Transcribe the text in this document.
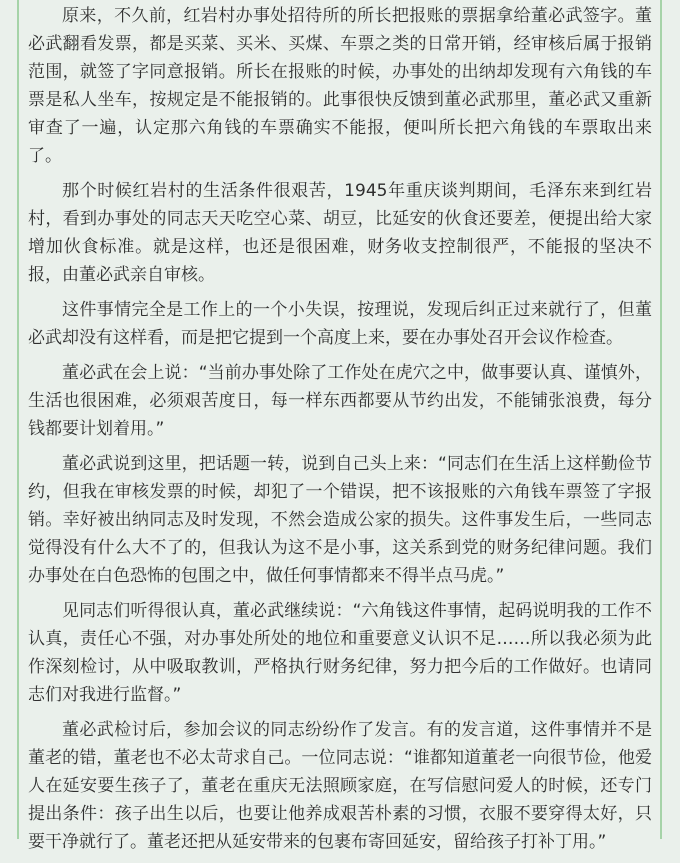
原来，不久前，红岩村办事处招待所的所长把报账的票据拿给董必武签字。董必武翻看发票，都是买菜、买米、买煤、车票之类的日常开销，经审核后属于报销范围，就签了字同意报销。所长在报账的时候，办事处的出纳却发现有六角钱的车票是私人坐车，按规定是不能报销的。此事很快反馈到董必武那里，董必武又重新审查了一遍，认定那六角钱的车票确实不能报，便叫所长把六角钱的车票取出来了。

那个时候红岩村的生活条件很艰苦，1945年重庆谈判期间，毛泽东来到红岩村，看到办事处的同志天天吃空心菜、胡豆，比延安的伙食还要差，便提出给大家增加伙食标准。就是这样，也还是很困难，财务收支控制很严，不能报的坚决不报，由董必武亲自审核。

这件事情完全是工作上的一个小失误，按理说，发现后纠正过来就行了，但董必武却没有这样看，而是把它提到一个高度上来，要在办事处召开会议作检查。

董必武在会上说：“当前办事处除了工作处在虎穴之中，做事要认真、谨慎外，生活也很困难，必须艰苦度日，每一样东西都要从节约出发，不能铺张浪费，每分钱都要计划着用。”

董必武说到这里，把话题一转，说到自己头上来：“同志们在生活上这样勤俭节约，但我在审核发票的时候，却犯了一个错误，把不该报账的六角钱车票签了字报销。幸好被出纳同志及时发现，不然会造成公家的损失。这件事发生后，一些同志觉得没有什么大不了的，但我认为这不是小事，这关系到党的财务纪律问题。我们办事处在白色恐怖的包围之中，做任何事情都来不得半点马虎。”

见同志们听得很认真，董必武继续说：“六角钱这件事情，起码说明我的工作不认真，责任心不强，对办事处所处的地位和重要意义认识不足……所以我必须为此作深刻检讨，从中吸取教训，严格执行财务纪律，努力把今后的工作做好。也请同志们对我进行监督。”

董必武检讨后，参加会议的同志纷纷作了发言。有的发言道，这件事情并不是董老的错，董老也不必太苛求自己。一位同志说：“谁都知道董老一向很节俭，他爱人在延安要生孩子了，董老在重庆无法照顾家庭，在写信慰问爱人的时候，还专门提出条件：孩子出生以后，也要让他养成艰苦朴素的习惯，衣服不要穿得太好，只要干净就行了。董老还把从延安带来的包裹布寄回延安，留给孩子打补丁用。”
